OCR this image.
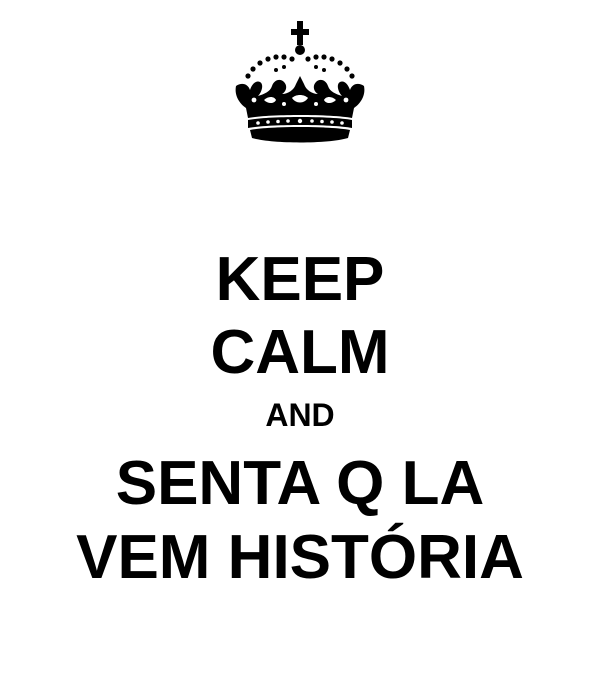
KEEP
CALM
AND
SENTA Q LA
VEM HISTÓRIA
